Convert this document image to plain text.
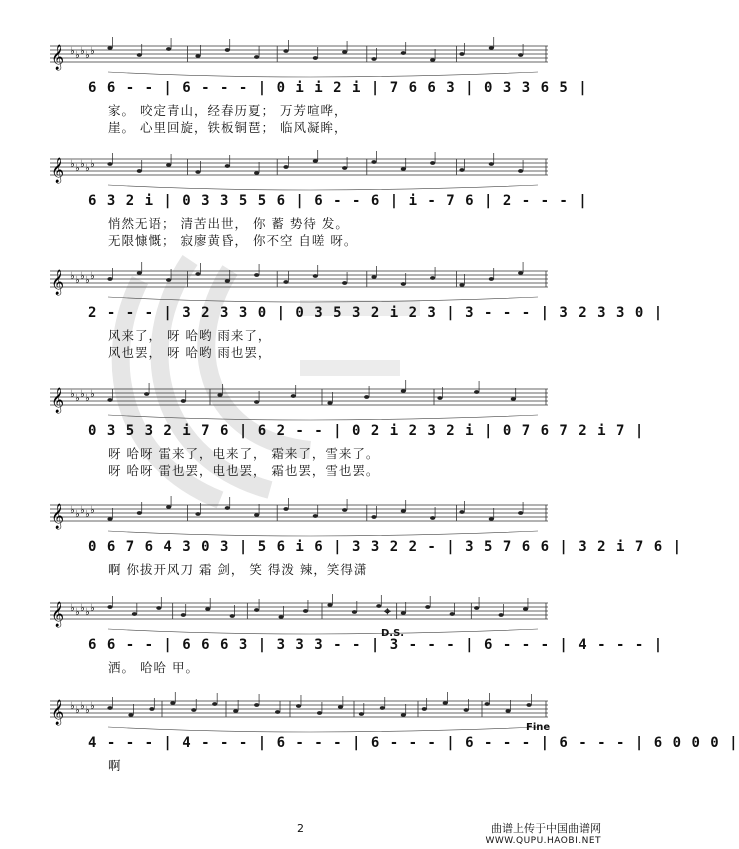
𝄞 ♭ ♭ ♭ ♭ ♭
6 6 - - | 6 - - - | 0 i i 2 i | 7 6 6 3 | 0 3 3 6 5 |
家。 咬定青山，经春历夏； 万芳喧哗，
崖。 心里回旋，铁板铜琶； 临风凝眸，
𝄞 ♭ ♭ ♭ ♭ ♭
6 3 2 i | 0 3 3 5 5 6 | 6 - - 6 | i - 7 6 | 2 - - - |
悄然无语； 清苦出世， 你 蓄 势待 发。
无限慷慨； 寂廖黄昏， 你不空 自嗟 呀。
𝄞 ♭ ♭ ♭ ♭ ♭
2 - - - | 3 2 3 3 0 | 0 3 5 3 2 i 2 3 | 3 - - - | 3 2 3 3 0 |
风来了， 呀 哈哟 雨来了，
风也罢， 呀 哈哟 雨也罢，
𝄞 ♭ ♭ ♭ ♭ ♭
0 3 5 3 2 i 7 6 | 6 2 - - | 0 2 i 2 3 2 i | 0 7 6 7 2 i 7 |
呀 哈呀 雷来了，电来了， 霜来了，雪来了。
呀 哈呀 雷也罢，电也罢， 霜也罢，雪也罢。
𝄞 ♭ ♭ ♭ ♭ ♭
0 6 7 6 4 3 0 3 | 5 6 i 6 | 3 3 2 2 - | 3 5 7 6 6 | 3 2 i 7 6 |
啊 你拔开风刀 霜 剑， 笑 得泼 辣，笑得潇
𝄞 ♭ ♭ ♭ ♭ ♭
6 6 - - | 6 6 6 3 | 3 3 3 - - | 3 - - - | 6 - - - | 4 - - - |
洒。 哈哈 甲。
𝄞 ♭ ♭ ♭ ♭ ♭
4 - - - | 4 - - - | 6 - - - | 6 - - - | 6 - - - | 6 - - - | 6 0 0 0 |
啊
D.S.
⌖
Fine
2	曲谱上传于中国曲谱网
WWW.QUPU.HAOBI.NET
